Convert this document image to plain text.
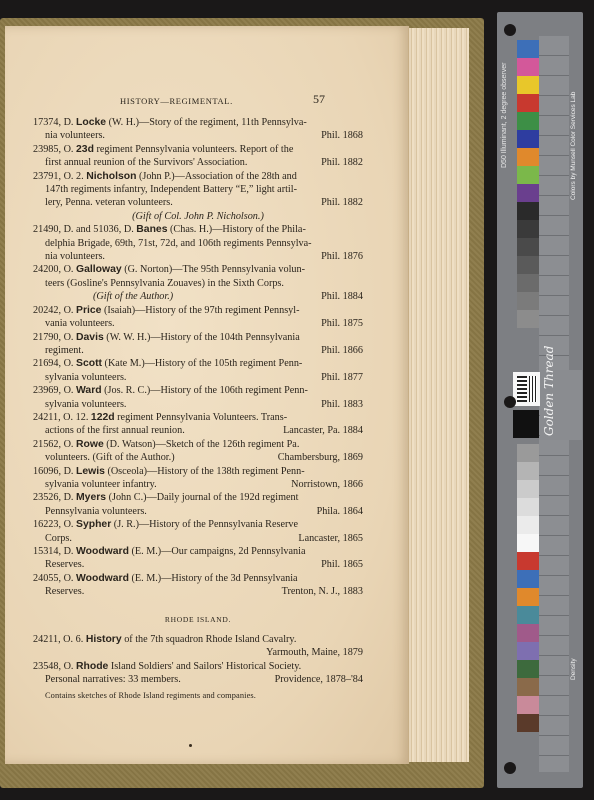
HISTORY—REGIMENTAL.	57
17374, D. Locke (W. H.)—Story of the regiment, 11th Pennsylva-
nia volunteers.	Phil. 1868
23985, O. 23d regiment Pennsylvania volunteers. Report of the
first annual reunion of the Survivors' Association.	Phil. 1882
23791, O. 2. Nicholson (John P.)—Association of the 28th and
147th regiments infantry, Independent Battery “E,” light artil-
lery, Penna. veteran volunteers.	Phil. 1882
(Gift of Col. John P. Nicholson.)
21490, D. and 51036, D. Banes (Chas. H.)—History of the Phila-
delphia Brigade, 69th, 71st, 72d, and 106th regiments Pennsylva-
nia volunteers.	Phil. 1876
24200, O. Galloway (G. Norton)—The 95th Pennsylvania volun-
teers (Gosline's Pennsylvania Zouaves) in the Sixth Corps.
(Gift of the Author.)	Phil. 1884
20242, O. Price (Isaiah)—History of the 97th regiment Pennsyl-
vania volunteers.	Phil. 1875
21790, O. Davis (W. W. H.)—History of the 104th Pennsylvania
regiment.	Phil. 1866
21694, O. Scott (Kate M.)—History of the 105th regiment Penn-
sylvania volunteers.	Phil. 1877
23969, O. Ward (Jos. R. C.)—History of the 106th regiment Penn-
sylvania volunteers.	Phil. 1883
24211, O. 12. 122d regiment Pennsylvania Volunteers. Trans-
actions of the first annual reunion.	Lancaster, Pa. 1884
21562, O. Rowe (D. Watson)—Sketch of the 126th regiment Pa.
volunteers. (Gift of the Author.)	Chambersburg, 1869
16096, D. Lewis (Osceola)—History of the 138th regiment Penn-
sylvania volunteer infantry.	Norristown, 1866
23526, D. Myers (John C.)—Daily journal of the 192d regiment
Pennsylvania volunteers.	Phila. 1864
16223, O. Sypher (J. R.)—History of the Pennsylvania Reserve
Corps.	Lancaster, 1865
15314, D. Woodward (E. M.)—Our campaigns, 2d Pennsylvania
Reserves.	Phil. 1865
24055, O. Woodward (E. M.)—History of the 3d Pennsylvania
Reserves.	Trenton, N. J., 1883
RHODE ISLAND.
24211, O. 6. History of the 7th squadron Rhode Island Cavalry.
Yarmouth, Maine, 1879
23548, O. Rhode Island Soldiers' and Sailors' Historical Society.
Personal narratives: 33 members.	Providence, 1878–'84
Contains sketches of Rhode Island regiments and companies.
D50 Illuminant, 2 degree observer	Colors by Munsell Color Services Lab
Density
Golden Thread
